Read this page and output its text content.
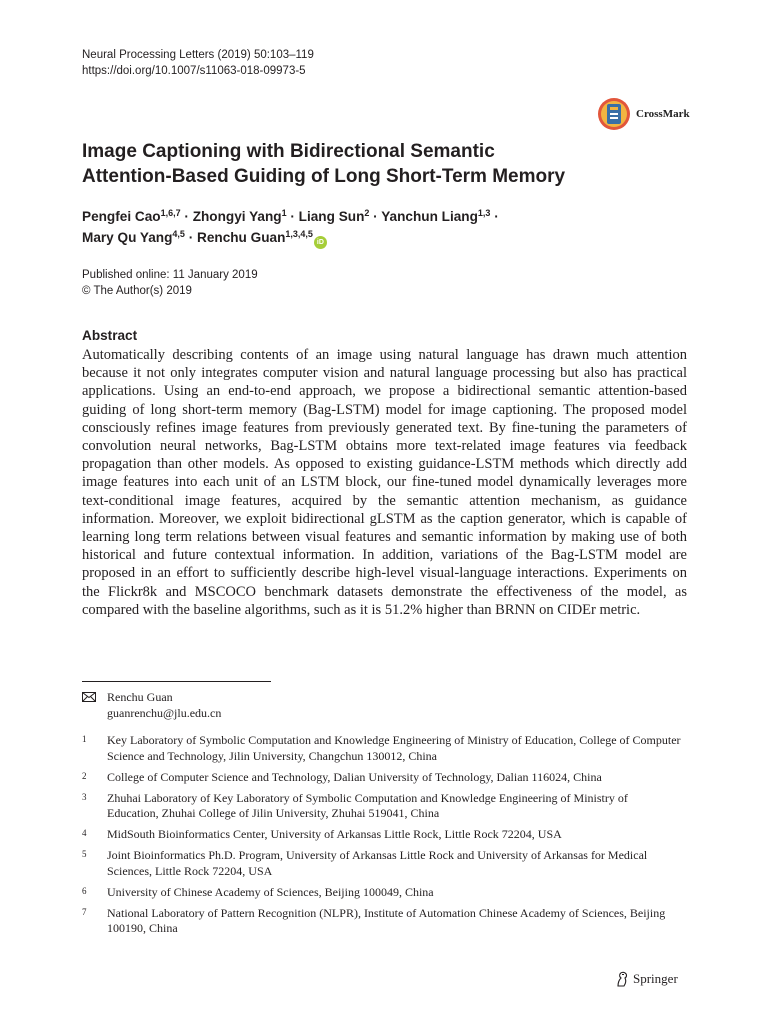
Neural Processing Letters (2019) 50:103–119
https://doi.org/10.1007/s11063-018-09973-5
CrossMark
Image Captioning with Bidirectional Semantic
Attention-Based Guiding of Long Short-Term Memory
Pengfei Cao$^{1,6,7}$ · Zhongyi Yang$^1$ · Liang Sun$^2$ · Yanchun Liang$^{1,3}$ ·
Mary Qu Yang$^{4,5}$ · Renchu Guan$^{1,3,4,5}$iD
Published online: 11 January 2019
© The Author(s) 2019
Abstract

Automatically describing contents of an image using natural language has drawn much attention because it not only integrates computer vision and natural language processing but also has practical applications. Using an end-to-end approach, we propose a bidirectional semantic attention-based guiding of long short-term memory (Bag-LSTM) model for image captioning. The proposed model consciously refines image features from previously generated text. By fine-tuning the parameters of convolution neural networks, Bag-LSTM obtains more text-related image features via feedback propagation than other models. As opposed to existing guidance-LSTM methods which directly add image features into each unit of an LSTM block, our fine-tuned model dynamically leverages more text-conditional image features, acquired by the semantic attention mechanism, as guidance information. Moreover, we exploit bidirectional gLSTM as the caption generator, which is capable of learning long term relations between visual features and semantic information by making use of both historical and future contextual information. In addition, variations of the Bag-LSTM model are proposed in an effort to sufficiently describe high-level visual-language interactions. Experiments on the Flickr8k and MSCOCO benchmark datasets demonstrate the effectiveness of the model, as compared with the baseline algorithms, such as it is 51.2% higher than BRNN on CIDEr metric.

Renchu Guan
guanrenchu@jlu.edu.cn
1 Key Laboratory of Symbolic Computation and Knowledge Engineering of Ministry of Education, College of Computer Science and Technology, Jilin University, Changchun 130012, China
2 College of Computer Science and Technology, Dalian University of Technology, Dalian 116024, China
3 Zhuhai Laboratory of Key Laboratory of Symbolic Computation and Knowledge Engineering of Ministry of Education, Zhuhai College of Jilin University, Zhuhai 519041, China
4 MidSouth Bioinformatics Center, University of Arkansas Little Rock, Little Rock 72204, USA
5 Joint Bioinformatics Ph.D. Program, University of Arkansas Little Rock and University of Arkansas for Medical Sciences, Little Rock 72204, USA
6 University of Chinese Academy of Sciences, Beijing 100049, China
7 National Laboratory of Pattern Recognition (NLPR), Institute of Automation Chinese Academy of Sciences, Beijing 100190, China
Springer
